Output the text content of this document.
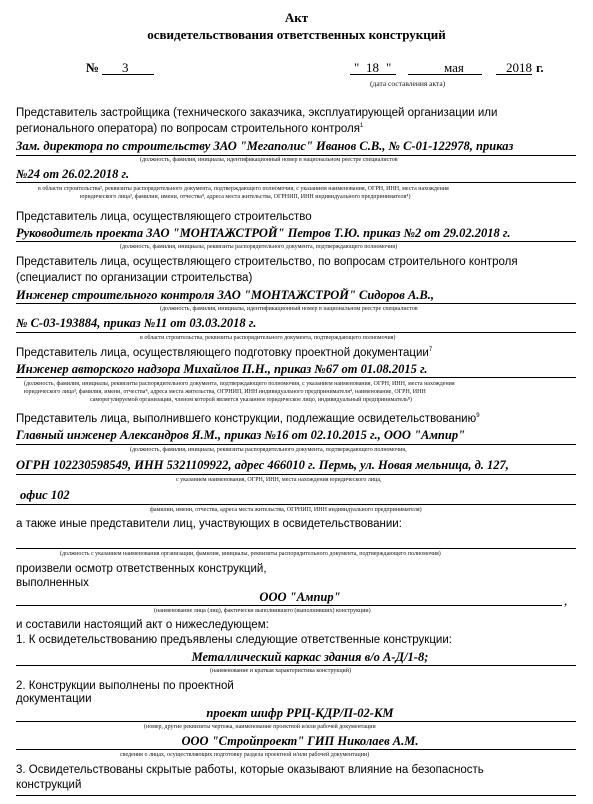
Акт
освидетельствования ответственных конструкций
№ 3	" 18 "	мая	2018 г.
(дата составления акта)
Представитель застройщика (технического заказчика, эксплуатирующей организации или
регионального оператора) по вопросам строительного контроля$^1$
Зам. директора по строительству ЗАО "Мегаполис" Иванов С.В., № С-01-122978, приказ
(должность, фамилия, инициалы, идентификационный номер в национальном реестре специалистов
№24 от 26.02.2018 г.
в области строительства², реквизиты распорядительного документа, подтверждающего полномочия, с указанием наименования, ОГРН, ИНН, места нахождения
юридического лица³, фамилии, имени, отчества⁴, адреса места жительства, ОГРНИП, ИНН индивидуального предпринимателя⁴)
Представитель лица, осуществляющего строительство
Руководитель проекта ЗАО "МОНТАЖСТРОЙ" Петров Т.Ю. приказ №2 от 29.02.2018 г.
(должность, фамилия, инициалы, реквизиты распорядительного документа, подтверждающего полномочия)
Представитель лица, осуществляющего строительство, по вопросам строительного контроля
(специалист по организации строительства)
Инженер строительного контроля ЗАО "МОНТАЖСТРОЙ" Сидоров А.В.,
(должность, фамилия, инициалы, идентификационный номер в национальном реестре специалистов
№ С-03-193884, приказ №11 от 03.03.2018 г.
в области строительства, реквизиты распорядительного документа, подтверждающего полномочия)
Представитель лица, осуществляющего подготовку проектной документации$^7$
Инженер авторского надзора Михайлов П.Н., приказ №67 от 01.08.2015 г.
(должность, фамилия, инициалы, реквизиты распорядительного документа, подтверждающего полномочия, с указанием наименования, ОГРН, ИНН, места нахождения
юридического лица³, фамилия, имени, отчества⁴, адреса места жительства, ОГРНИП, ИНН индивидуального предпринимателя⁴, наименование, ОГРН, ИНН
саморегулируемой организации, членом которой является указанное юридическое лицо, индивидуальный предприниматель⁸)
Представитель лица, выполнившего конструкции, подлежащие освидетельствованию$^9$
Главный инженер Александров Я.М., приказ №16 от 02.10.2015 г., ООО "Ампир"
(должность, фамилия, инициалы, реквизиты распорядительного документа, подтверждающего полномочия,
ОГРН 102230598549, ИНН 5321109922, адрес 466010 г. Пермь, ул. Новая мельница, д. 127,
с указанием наименования, ОГРН, ИНН, места нахождения юридического лица,
офис 102
фамилии, имени, отчества, адреса места жительства, ОГРНИП, ИНН индивидуального предпринимателя)
а также иные представители лиц, участвующих в освидетельствовании:
(должность с указанием наименования организации, фамилия, инициалы, реквизиты распорядительного документа, подтверждающего полномочия)
произвели осмотр ответственных конструкций,
выполненных
ООО "Ампир"	,
(наименование лица (лиц), фактически выполнившего (выполнивших) конструкции)
и составили настоящий акт о нижеследующем:
1. К освидетельствованию предъявлены следующие ответственные конструкции:
Металлический каркас здания в/о А-Д/1-8;
(наименование и краткая характеристика конструкций)
2. Конструкции выполнены по проектной
документации
проект шифр РРЦ-КДР/П-02-КМ
(номер, другие реквизиты чертежа, наименование проектной и/или рабочей документации
ООО "Стройпроект" ГИП Николаев А.М.
сведения о лицах, осуществляющих подготовку раздела проектной и/или рабочей документации)
3. Освидетельствованы скрытые работы, которые оказывают влияние на безопасность
конструкций
